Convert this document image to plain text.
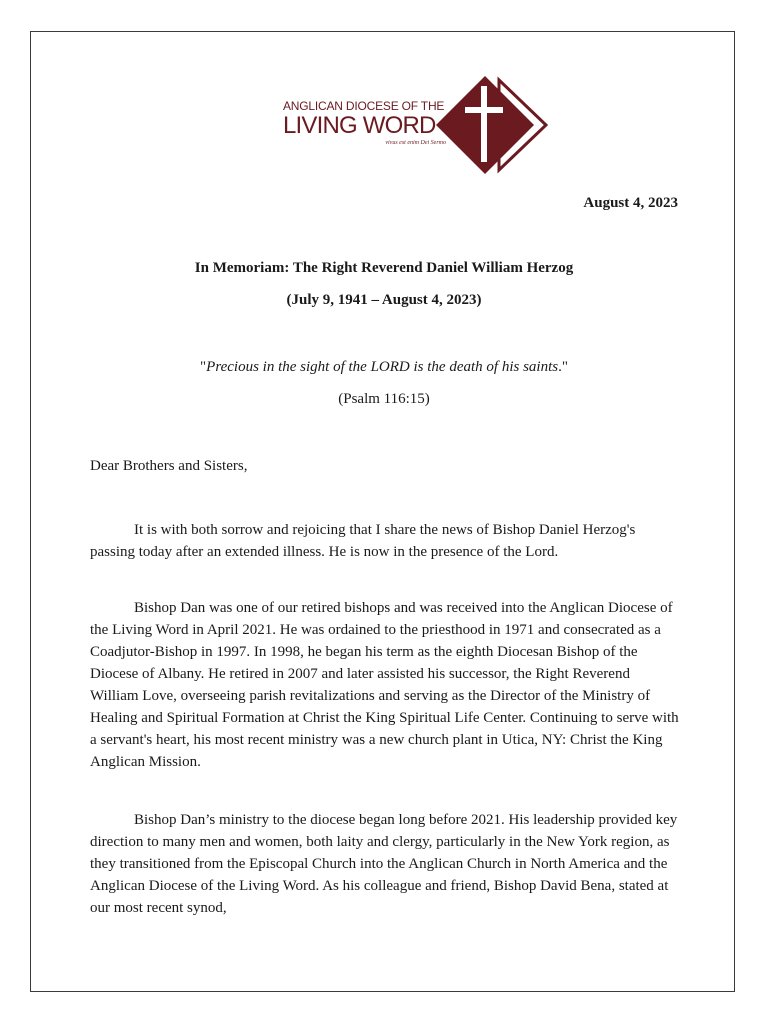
ANGLICAN DIOCESE OF THE
LIVING WORD
vivus est enim Dei Sermo
August 4, 2023
In Memoriam: The Right Reverend Daniel William Herzog
(July 9, 1941 – August 4, 2023)
"Precious in the sight of the LORD is the death of his saints."
(Psalm 116:15)
Dear Brothers and Sisters,

It is with both sorrow and rejoicing that I share the news of Bishop Daniel Herzog's passing today after an extended illness. He is now in the presence of the Lord.

Bishop Dan was one of our retired bishops and was received into the Anglican Diocese of the Living Word in April 2021. He was ordained to the priesthood in 1971 and consecrated as a Coadjutor-Bishop in 1997. In 1998, he began his term as the eighth Diocesan Bishop of the Diocese of Albany. He retired in 2007 and later assisted his successor, the Right Reverend William Love, overseeing parish revitalizations and serving as the Director of the Ministry of Healing and Spiritual Formation at Christ the King Spiritual Life Center. Continuing to serve with a servant's heart, his most recent ministry was a new church plant in Utica, NY: Christ the King Anglican Mission.

Bishop Dan’s ministry to the diocese began long before 2021. His leadership provided key direction to many men and women, both laity and clergy, particularly in the New York region, as they transitioned from the Episcopal Church into the Anglican Church in North America and the Anglican Diocese of the Living Word. As his colleague and friend, Bishop David Bena, stated at our most recent synod,
